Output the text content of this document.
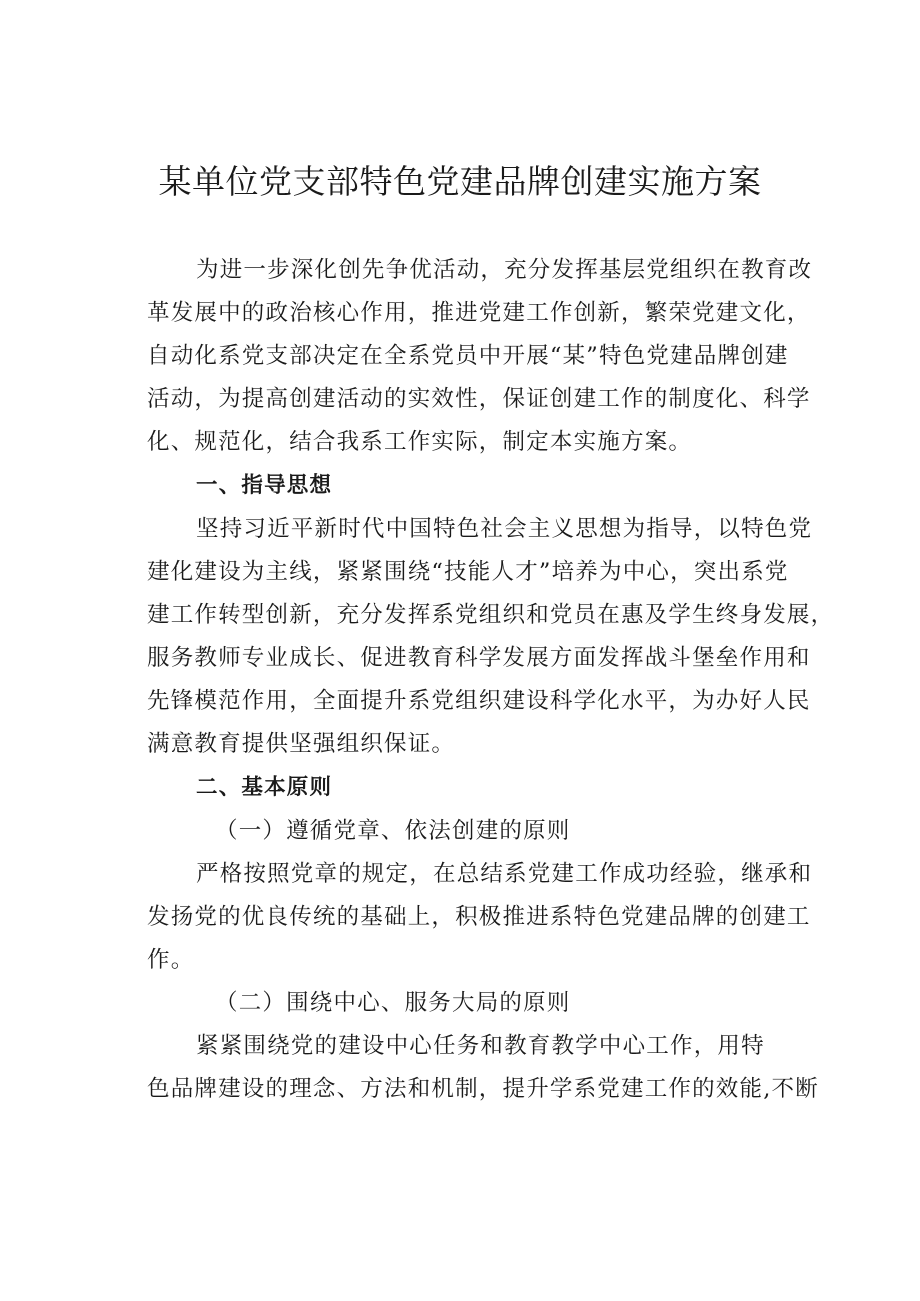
某单位党支部特色党建品牌创建实施方案
为进一步深化创先争优活动，充分发挥基层党组织在教育改
革发展中的政治核心作用，推进党建工作创新，繁荣党建文化，
自动化系党支部决定在全系党员中开展“某”特色党建品牌创建
活动，为提高创建活动的实效性，保证创建工作的制度化、科学
化、规范化，结合我系工作实际，制定本实施方案。
一、指导思想
坚持习近平新时代中国特色社会主义思想为指导，以特色党
建化建设为主线，紧紧围绕“技能人才”培养为中心，突出系党
建工作转型创新，充分发挥系党组织和党员在惠及学生终身发展，
服务教师专业成长、促进教育科学发展方面发挥战斗堡垒作用和
先锋模范作用，全面提升系党组织建设科学化水平，为办好人民
满意教育提供坚强组织保证。
二、基本原则
（一）遵循党章、依法创建的原则
严格按照党章的规定，在总结系党建工作成功经验，继承和
发扬党的优良传统的基础上，积极推进系特色党建品牌的创建工
作。
（二）围绕中心、服务大局的原则
紧紧围绕党的建设中心任务和教育教学中心工作，用特
色品牌建设的理念、方法和机制，提升学系党建工作的效能,不断
